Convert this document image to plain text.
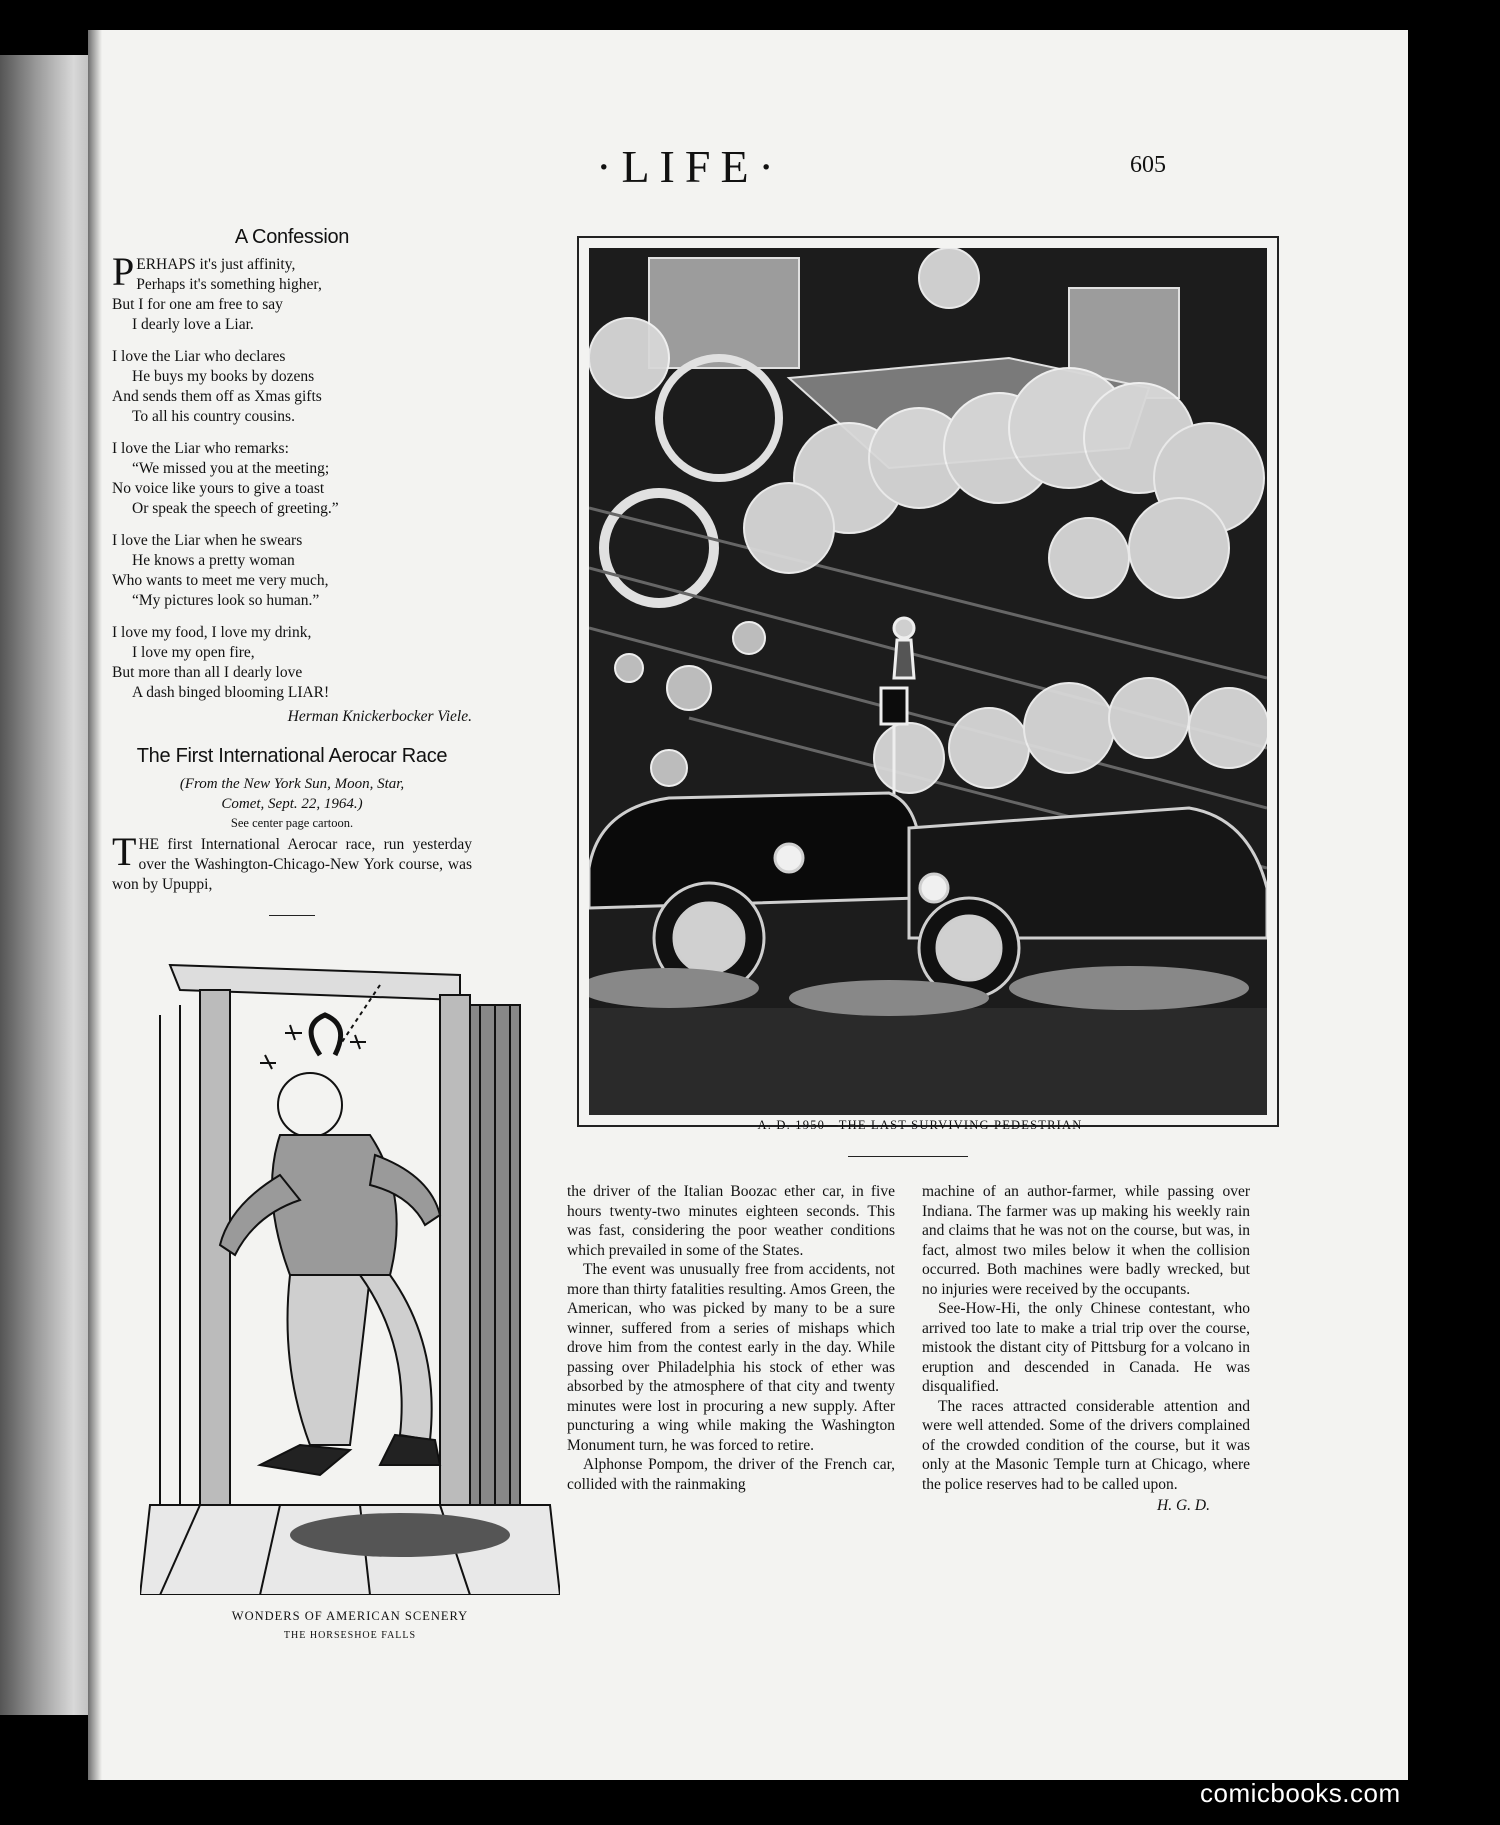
·LIFE·	605
A Confession
P ERHAPS it's just affinity,
Perhaps it's something higher,
But I for one am free to say
I dearly love a Liar.
I love the Liar who declares
He buys my books by dozens
And sends them off as Xmas gifts
To all his country cousins.
I love the Liar who remarks:
“We missed you at the meeting;
No voice like yours to give a toast
Or speak the speech of greeting.”
I love the Liar when he swears
He knows a pretty woman
Who wants to meet me very much,
“My pictures look so human.”
I love my food, I love my drink,
I love my open fire,
But more than all I dearly love
A dash binged blooming LIAR!
Herman Knickerbocker Viele.
The First International Aerocar Race
(From the New York Sun, Moon, Star,
Comet, Sept. 22, 1964.)
See center page cartoon.
THE first International Aerocar race, run yesterday over the Washington-Chicago-New York course, was won by Upuppi,
WONDERS OF AMERICAN SCENERY
THE HORSESHOE FALLS
A. D. 1950—THE LAST SURVIVING PEDESTRIAN

the driver of the Italian Boozac ether car, in five hours twenty-two minutes eighteen seconds. This was fast, considering the poor weather conditions which prevailed in some of the States.

The event was unusually free from accidents, not more than thirty fatalities resulting. Amos Green, the American, who was picked by many to be a sure winner, suffered from a series of mishaps which drove him from the contest early in the day. While passing over Philadelphia his stock of ether was absorbed by the atmosphere of that city and twenty minutes were lost in procuring a new supply. After puncturing a wing while making the Washington Monument turn, he was forced to retire.

Alphonse Pompom, the driver of the French car, collided with the rainmaking

machine of an author-farmer, while passing over Indiana. The farmer was up making his weekly rain and claims that he was not on the course, but was, in fact, almost two miles below it when the collision occurred. Both machines were badly wrecked, but no injuries were received by the occupants.

See-How-Hi, the only Chinese contestant, who arrived too late to make a trial trip over the course, mistook the distant city of Pittsburg for a volcano in eruption and descended in Canada. He was disqualified.

The races attracted considerable attention and were well attended. Some of the drivers complained of the crowded condition of the course, but it was only at the Masonic Temple turn at Chicago, where the police reserves had to be called upon.

H. G. D.
comicbooks.com
